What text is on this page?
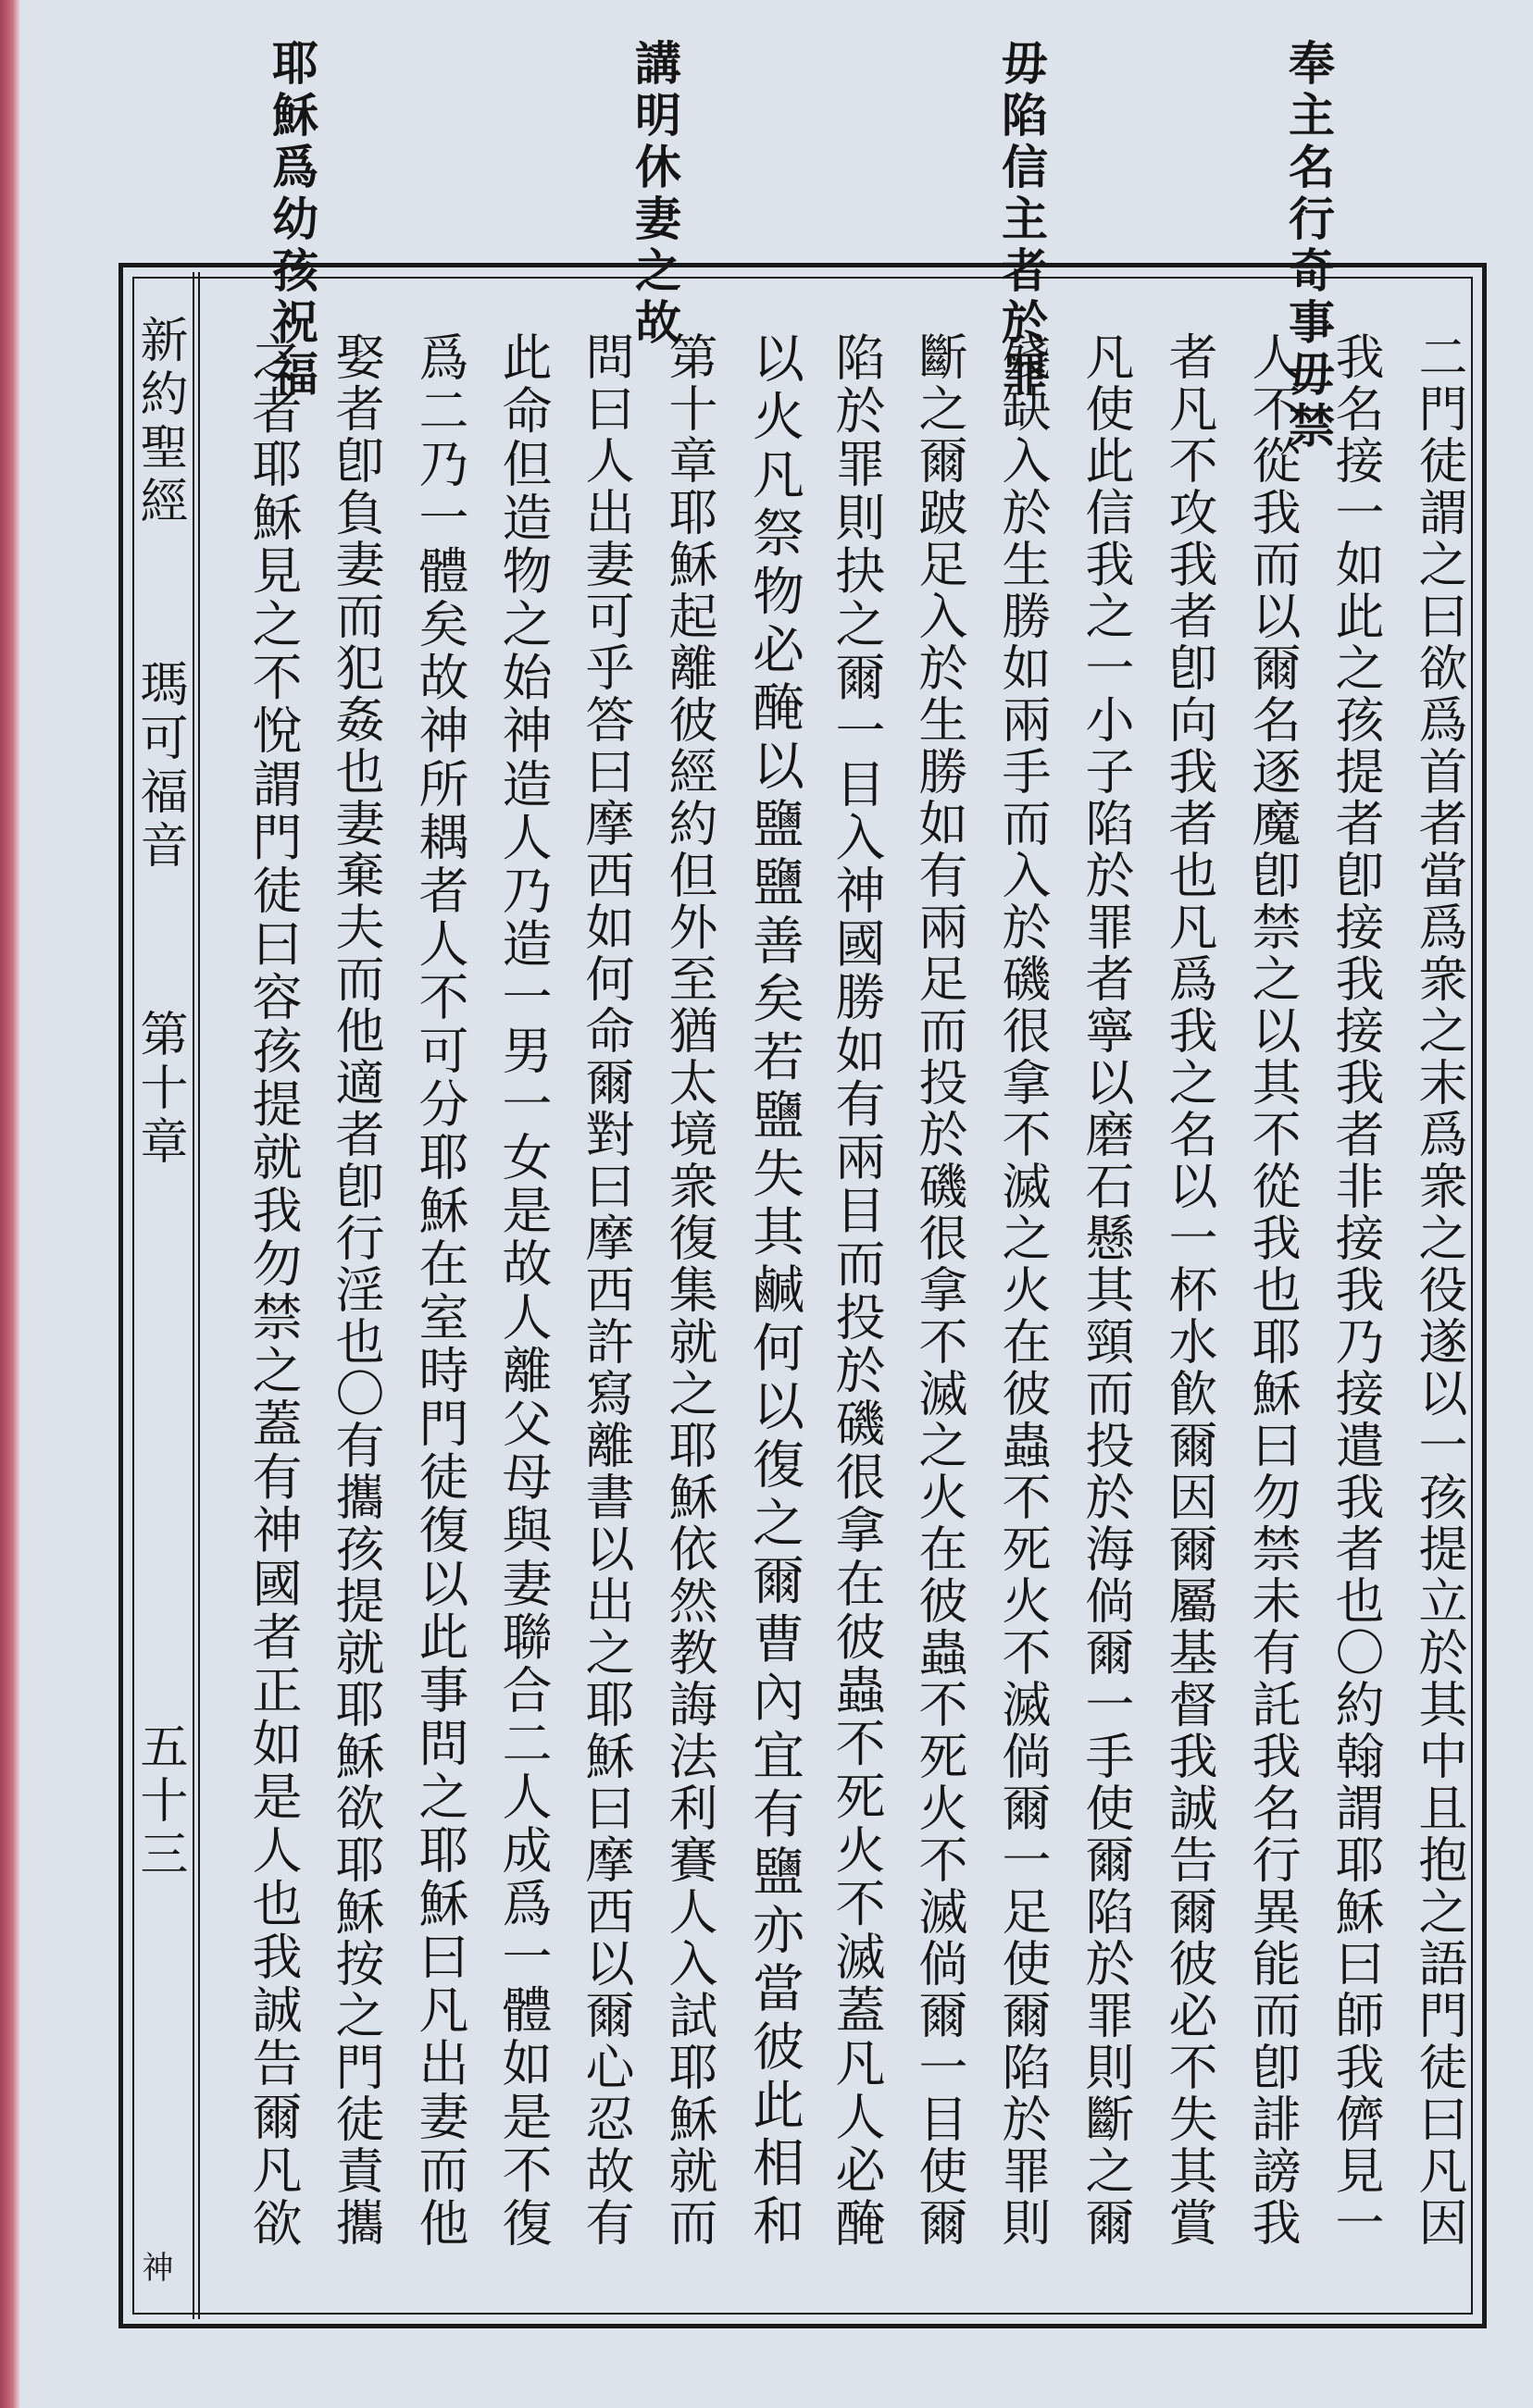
奉主名行奇事毋禁
毋陷信主者於罪
講明休妻之故
耶穌爲幼孩祝福
新約聖經
瑪可福音
第十章
五十三
神
二門徒謂之曰欲爲首者當爲衆之末爲衆之役遂以一孩提立於其中且抱之語門徒曰凡因
我名接一如此之孩提者卽接我接我者非接我乃接遣我者也〇約翰謂耶穌曰師我儕見一
人不從我而以爾名逐魔卽禁之以其不從我也耶穌曰勿禁未有託我名行異能而卽誹謗我
者凡不攻我者卽向我者也凡爲我之名以一杯水飮爾因爾屬基督我誠告爾彼必不失其賞
凡使此信我之一小子陷於罪者寧以磨石懸其頸而投於海倘爾一手使爾陷於罪則斷之爾
殘缺入於生勝如兩手而入於磯很拿不滅之火在彼蟲不死火不滅倘爾一足使爾陷於罪則
斷之爾跛足入於生勝如有兩足而投於磯很拿不滅之火在彼蟲不死火不滅倘爾一目使爾
陷於罪則抉之爾一目入神國勝如有兩目而投於磯很拿在彼蟲不死火不滅蓋凡人必醃
以火凡祭物必醃以鹽鹽善矣若鹽失其鹹何以復之爾曹內宜有鹽亦當彼此相和
第十章耶穌起離彼經約但外至猶太境衆復集就之耶穌依然教誨法利賽人入試耶穌就而
問曰人出妻可乎答曰摩西如何命爾對曰摩西許寫離書以出之耶穌曰摩西以爾心忍故有
此命但造物之始神造人乃造一男一女是故人離父母與妻聯合二人成爲一體如是不復
爲二乃一體矣故神所耦者人不可分耶穌在室時門徒復以此事問之耶穌曰凡出妻而他
娶者卽負妻而犯姦也妻棄夫而他適者卽行淫也〇有攜孩提就耶穌欲耶穌按之門徒責攜
之者耶穌見之不悅謂門徒曰容孩提就我勿禁之蓋有神國者正如是人也我誠告爾凡欲
